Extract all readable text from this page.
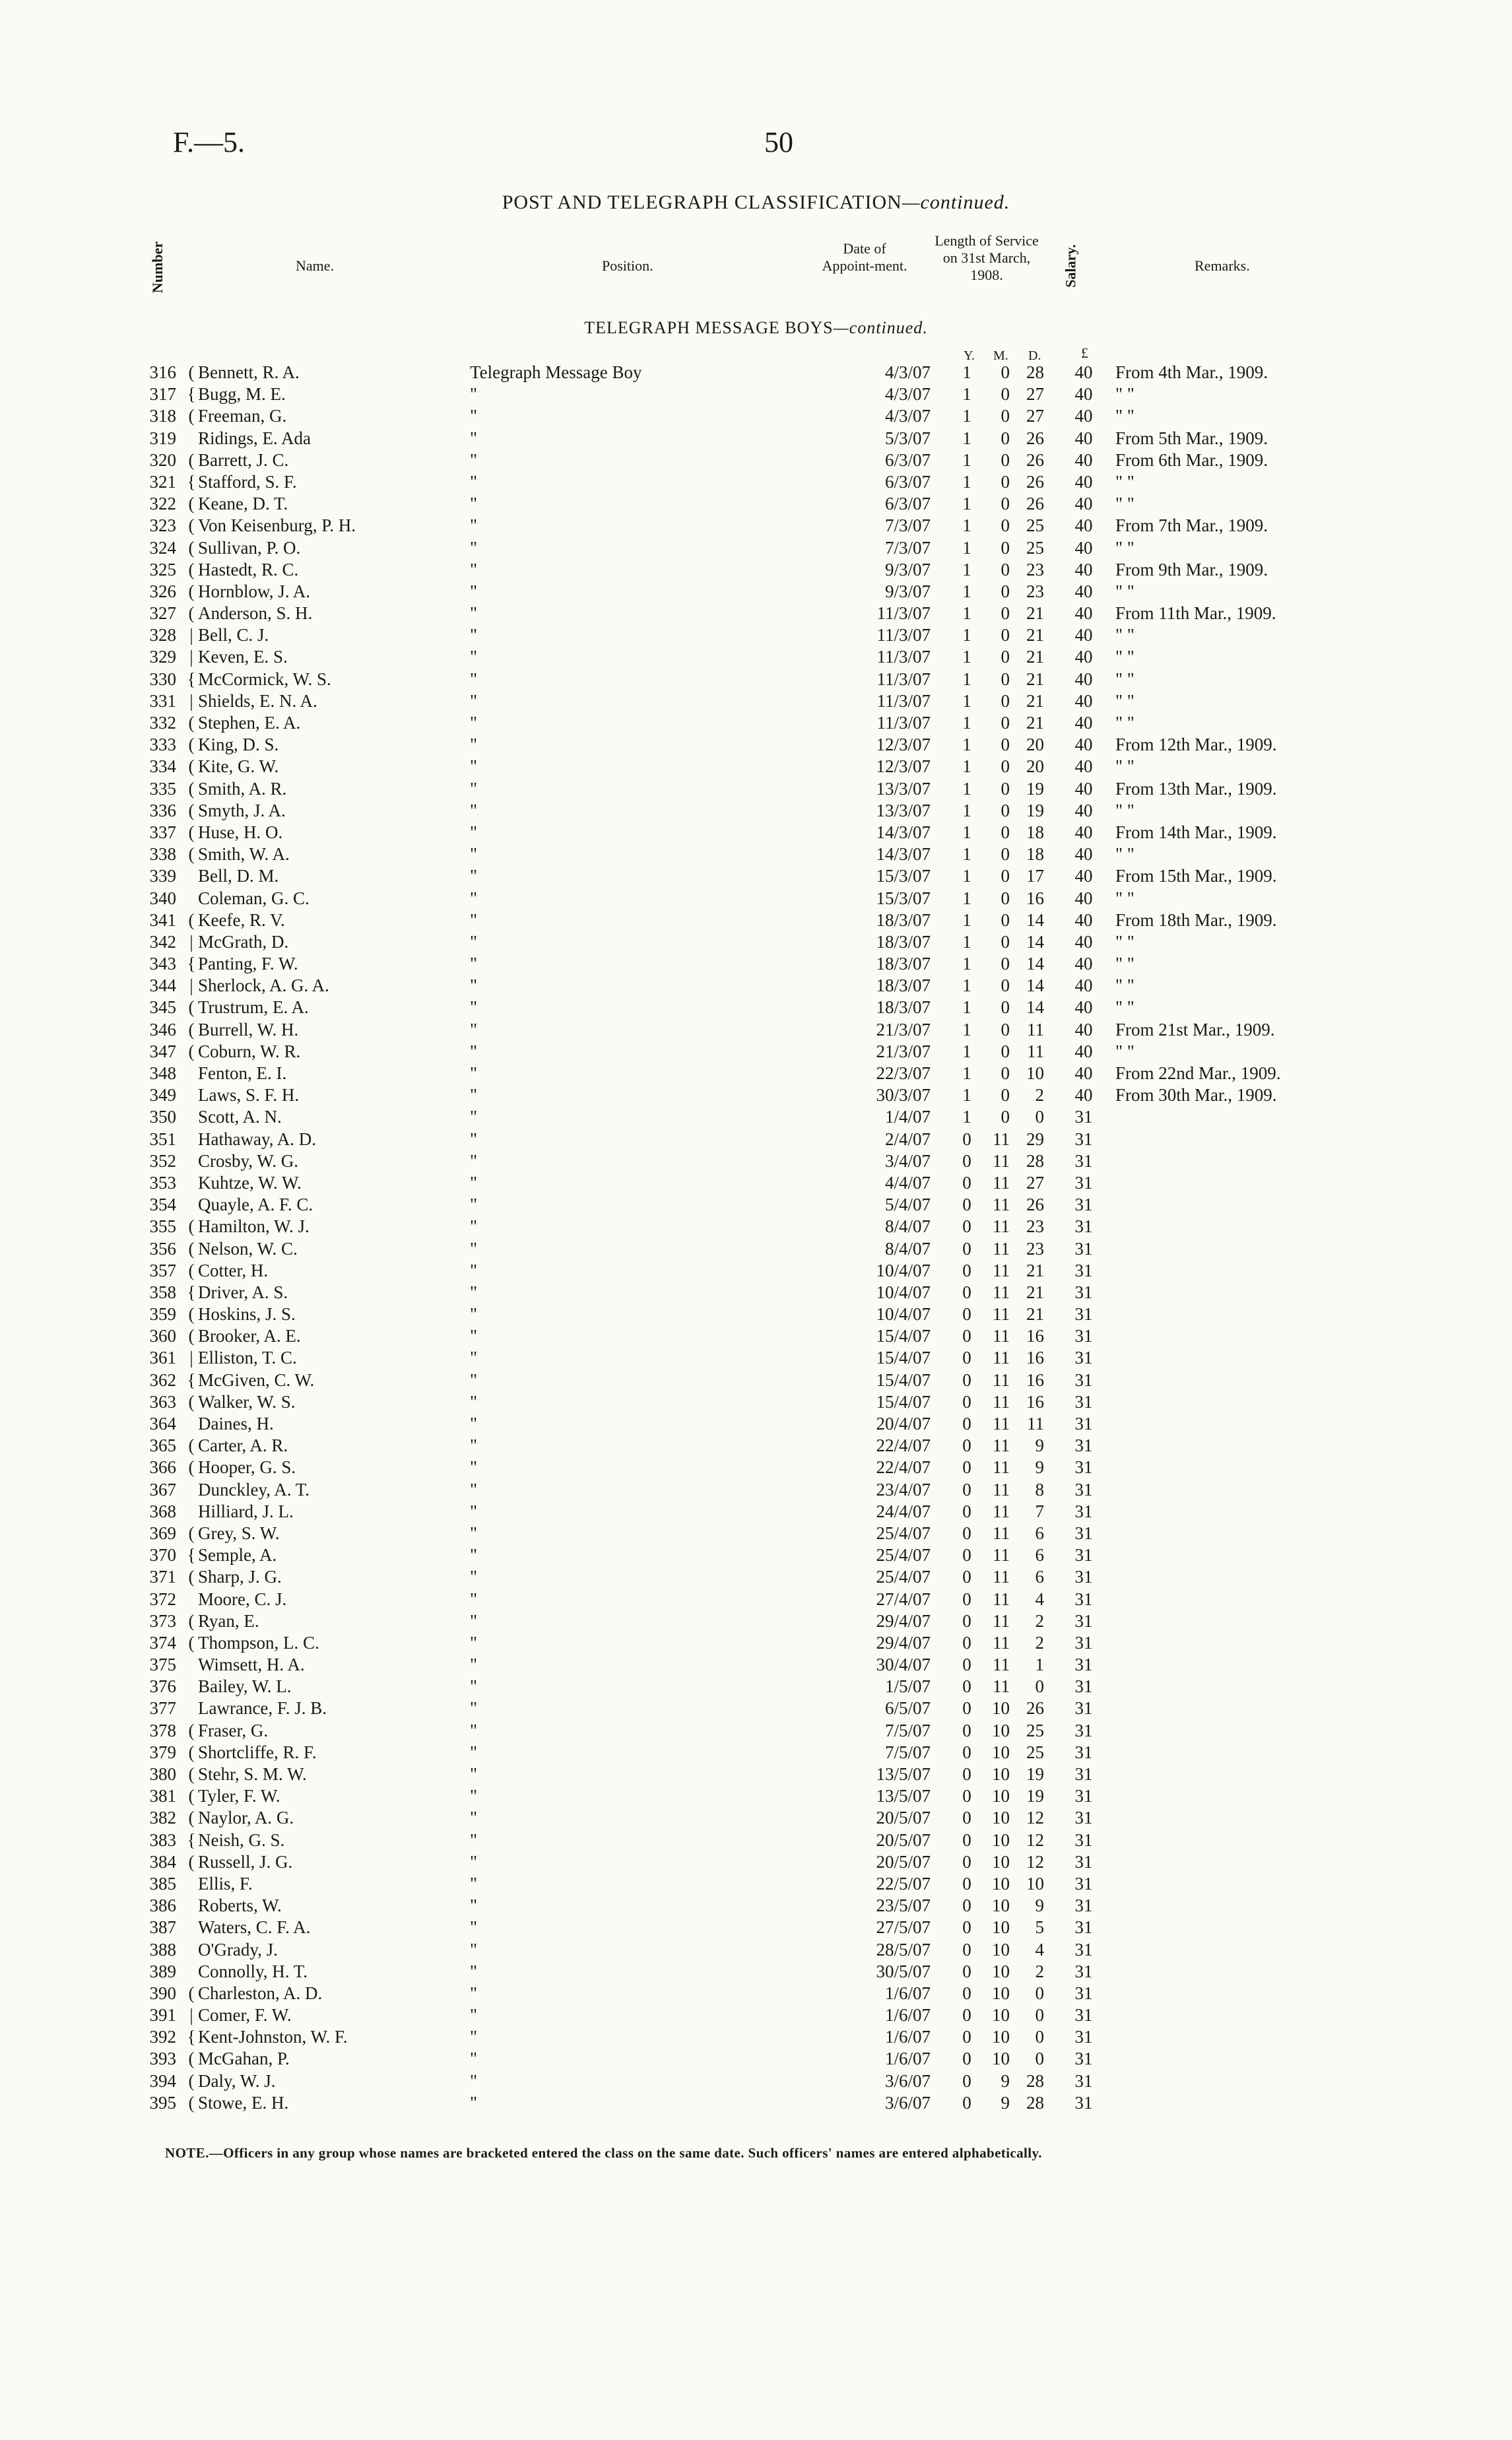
F.—5.	50
POST AND TELEGRAPH CLASSIFICATION—continued.
Number	Name.	Position.
Date of Appoint-ment.
Length of Service on 31st March, 1908.	Salary.	Remarks.
TELEGRAPH MESSAGE BOYS—continued.
Y. M. D.	£
316 ( Bennett, R. A.	Telegraph Message Boy	4/3/07	1	0 28	40	From 4th Mar., 1909.
317 { Bugg, M. E.	"	4/3/07	1	0 27	40	" "
318 ( Freeman, G.	"	4/3/07	1	0 27	40	" "
319 Ridings, E. Ada	"	5/3/07	1	0 26	40	From 5th Mar., 1909.
320 ( Barrett, J. C.	"	6/3/07	1	0 26	40	From 6th Mar., 1909.
321 { Stafford, S. F.	"	6/3/07	1	0 26	40	" "
322 ( Keane, D. T.	"	6/3/07	1	0 26	40	" "
323 ( Von Keisenburg, P. H.	"	7/3/07	1	0 25	40	From 7th Mar., 1909.
324 ( Sullivan, P. O.	"	7/3/07	1	0 25	40	" "
325 ( Hastedt, R. C.	"	9/3/07	1	0 23	40	From 9th Mar., 1909.
326 ( Hornblow, J. A.	"	9/3/07	1	0 23	40	" "
327 ( Anderson, S. H.	"	11/3/07	1	0 21	40	From 11th Mar., 1909.
328 | Bell, C. J.	"	11/3/07	1	0 21	40	" "
329 | Keven, E. S.	"	11/3/07	1	0 21	40	" "
330 { McCormick, W. S.	"	11/3/07	1	0 21	40	" "
331 | Shields, E. N. A.	"	11/3/07	1	0 21	40	" "
332 ( Stephen, E. A.	"	11/3/07	1	0 21	40	" "
333 ( King, D. S.	"	12/3/07	1	0 20	40	From 12th Mar., 1909.
334 ( Kite, G. W.	"	12/3/07	1	0 20	40	" "
335 ( Smith, A. R.	"	13/3/07	1	0 19	40	From 13th Mar., 1909.
336 ( Smyth, J. A.	"	13/3/07	1	0 19	40	" "
337 ( Huse, H. O.	"	14/3/07	1	0 18	40	From 14th Mar., 1909.
338 ( Smith, W. A.	"	14/3/07	1	0 18	40	" "
339 Bell, D. M.	"	15/3/07	1	0 17	40	From 15th Mar., 1909.
340 Coleman, G. C.	"	15/3/07	1	0 16	40	" "
341 ( Keefe, R. V.	"	18/3/07	1	0 14	40	From 18th Mar., 1909.
342 | McGrath, D.	"	18/3/07	1	0 14	40	" "
343 { Panting, F. W.	"	18/3/07	1	0 14	40	" "
344 | Sherlock, A. G. A.	"	18/3/07	1	0 14	40	" "
345 ( Trustrum, E. A.	"	18/3/07	1	0 14	40	" "
346 ( Burrell, W. H.	"	21/3/07	1	0 11	40	From 21st Mar., 1909.
347 ( Coburn, W. R.	"	21/3/07	1	0 11	40	" "
348 Fenton, E. I.	"	22/3/07	1	0 10	40	From 22nd Mar., 1909.
349 Laws, S. F. H.	"	30/3/07	1	0	2	40	From 30th Mar., 1909.
350 Scott, A. N.	"	1/4/07	1	0	0	31
351 Hathaway, A. D.	"	2/4/07	0	11 29	31
352 Crosby, W. G.	"	3/4/07	0	11 28	31
353 Kuhtze, W. W.	"	4/4/07	0	11 27	31
354 Quayle, A. F. C.	"	5/4/07	0	11 26	31
355 ( Hamilton, W. J.	"	8/4/07	0	11 23	31
356 ( Nelson, W. C.	"	8/4/07	0	11 23	31
357 ( Cotter, H.	"	10/4/07	0	11 21	31
358 { Driver, A. S.	"	10/4/07	0	11 21	31
359 ( Hoskins, J. S.	"	10/4/07	0	11 21	31
360 ( Brooker, A. E.	"	15/4/07	0	11 16	31
361 | Elliston, T. C.	"	15/4/07	0	11 16	31
362 { McGiven, C. W.	"	15/4/07	0	11 16	31
363 ( Walker, W. S.	"	15/4/07	0	11 16	31
364 Daines, H.	"	20/4/07	0	11 11	31
365 ( Carter, A. R.	"	22/4/07	0	11	9	31
366 ( Hooper, G. S.	"	22/4/07	0	11	9	31
367 Dunckley, A. T.	"	23/4/07	0	11	8	31
368 Hilliard, J. L.	"	24/4/07	0	11	7	31
369 ( Grey, S. W.	"	25/4/07	0	11	6	31
370 { Semple, A.	"	25/4/07	0	11	6	31
371 ( Sharp, J. G.	"	25/4/07	0	11	6	31
372 Moore, C. J.	"	27/4/07	0	11	4	31
373 ( Ryan, E.	"	29/4/07	0	11	2	31
374 ( Thompson, L. C.	"	29/4/07	0	11	2	31
375 Wimsett, H. A.	"	30/4/07	0	11	1	31
376 Bailey, W. L.	"	1/5/07	0	11	0	31
377 Lawrance, F. J. B.	"	6/5/07	0	10 26	31
378 ( Fraser, G.	"	7/5/07	0	10 25	31
379 ( Shortcliffe, R. F.	"	7/5/07	0	10 25	31
380 ( Stehr, S. M. W.	"	13/5/07	0	10 19	31
381 ( Tyler, F. W.	"	13/5/07	0	10 19	31
382 ( Naylor, A. G.	"	20/5/07	0	10 12	31
383 { Neish, G. S.	"	20/5/07	0	10 12	31
384 ( Russell, J. G.	"	20/5/07	0	10 12	31
385 Ellis, F.	"	22/5/07	0	10 10	31
386 Roberts, W.	"	23/5/07	0	10	9	31
387 Waters, C. F. A.	"	27/5/07	0	10	5	31
388 O'Grady, J.	"	28/5/07	0	10	4	31
389 Connolly, H. T.	"	30/5/07	0	10	2	31
390 ( Charleston, A. D.	"	1/6/07	0	10	0	31
391 | Comer, F. W.	"	1/6/07	0	10	0	31
392 { Kent-Johnston, W. F.	"	1/6/07	0	10	0	31
393 ( McGahan, P.	"	1/6/07	0	10	0	31
394 ( Daly, W. J.	"	3/6/07	0	9 28	31
395 ( Stowe, E. H.	"	3/6/07	0	9 28	31
NOTE.—Officers in any group whose names are bracketed entered the class on the same date. Such officers' names are entered alphabetically.
